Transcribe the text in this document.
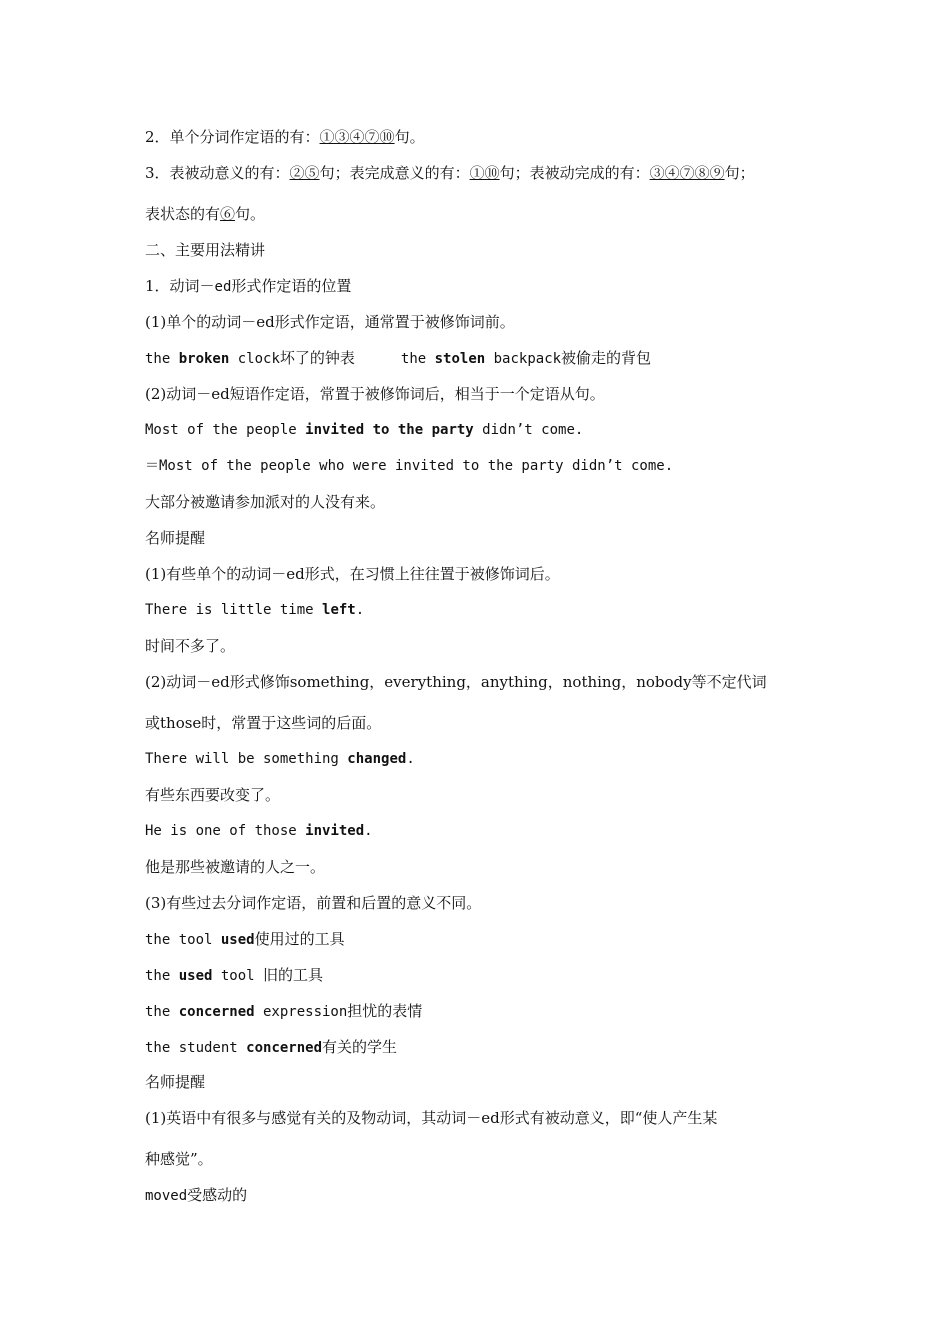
2．单个分词作定语的有：①③④⑦⑩句。
3．表被动意义的有：②⑤句；表完成意义的有：①⑩句；表被动完成的有：③④⑦⑧⑨句；
表状态的有⑥句。
二、主要用法精讲
1．动词－ed形式作定语的位置
(1)单个的动词－ed形式作定语，通常置于被修饰词前。
the broken clock坏了的钟表	the stolen backpack被偷走的背包
(2)动词－ed短语作定语，常置于被修饰词后，相当于一个定语从句。
Most of the people invited to the party didn’t come.
＝Most of the people who were invited to the party didn’t come.
大部分被邀请参加派对的人没有来。
名师提醒
(1)有些单个的动词－ed形式，在习惯上往往置于被修饰词后。
There is little time left.
时间不多了。
(2)动词－ed形式修饰something，everything，anything，nothing，nobody等不定代词
或those时，常置于这些词的后面。
There will be something changed.
有些东西要改变了。
He is one of those invited.
他是那些被邀请的人之一。
(3)有些过去分词作定语，前置和后置的意义不同。
the tool used使用过的工具
the used tool 旧的工具
the concerned expression担忧的表情
the student concerned有关的学生
名师提醒
(1)英语中有很多与感觉有关的及物动词，其动词－ed形式有被动意义，即“使人产生某
种感觉”。
moved受感动的
